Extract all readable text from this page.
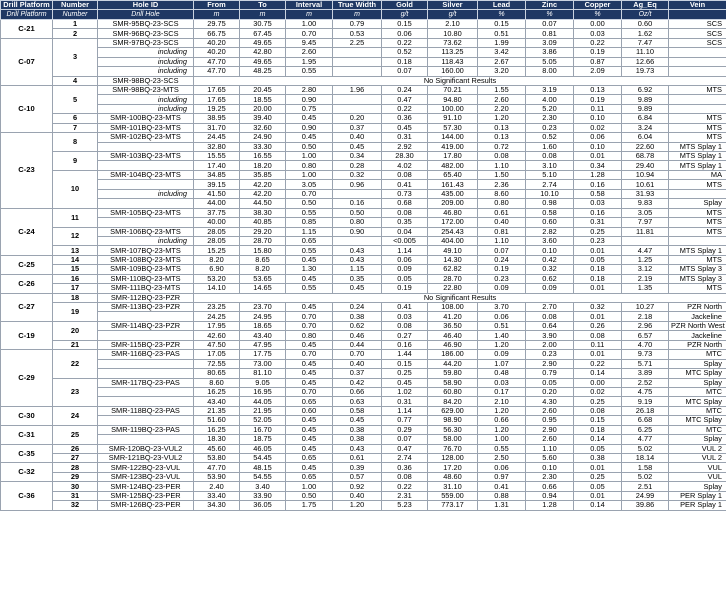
Drill Platform	Number	Hole ID	From	To	Interval	True Width	Gold	Silver	Lead	Zinc	Copper	Ag_Eq	Vein
Drill Platform	Number	Drill Hole	m	m	m	m	g/t	g/t	%	%	%	Oz/t	
C-21	1	SMR-95BQ-23-SCS	29.75	30.75	1.00	0.79	0.15	2.10	0.15	0.07	0.00	0.60	SCS
	2	SMR-96BQ-23-SCS	66.75	67.45	0.70	0.53	0.06	10.80	0.51	0.81	0.03	1.62	SCS
C-07	3	SMR-97BQ-23-SCS	40.20	49.65	9.45	2.25	0.22	73.62	1.99	3.09	0.22	7.47	SCS
		including	40.20	42.80	2.60		0.52	113.25	3.42	3.86	0.19	11.10	
		including	47.70	49.65	1.95		0.18	118.43	2.67	5.05	0.87	12.66	
		including	47.70	48.25	0.55		0.07	160.00	3.20	8.00	2.09	19.73	
	4	SMR-98BQ-23-SCS	No Significant Results										
C-10	5	SMR-98BQ-23-MTS	17.65	20.45	2.80	1.96	0.24	70.21	1.55	3.19	0.13	6.92	MTS
		including	17.65	18.55	0.90		0.47	94.80	2.60	4.00	0.19	9.89	
		including	19.25	20.00	0.75		0.22	100.00	2.20	5.20	0.11	9.89	
	6	SMR-100BQ-23-MTS	38.95	39.40	0.45	0.20	0.36	91.10	1.20	2.30	0.10	6.84	MTS
	7	SMR-101BQ-23-MTS	31.70	32.60	0.90	0.37	0.45	57.30	0.13	0.23	0.02	3.24	MTS
C-23	8	SMR-102BQ-23-MTS	24.45	24.90	0.45	0.40	0.31	144.00	0.13	0.52	0.06	6.04	MTS
			32.80	33.30	0.50	0.45	2.92	419.00	0.72	1.60	0.10	22.60	MTS Splay 1
	9	SMR-103BQ-23-MTS	15.55	16.55	1.00	0.34	28.30	17.80	0.08	0.08	0.01	68.78	MTS Splay 1
			17.40	18.20	0.80	0.28	4.02	482.00	1.10	3.10	0.34	29.40	MTS Splay 1
	10	SMR-104BQ-23-MTS	34.85	35.85	1.00	0.32	0.08	65.40	1.50	5.10	1.28	10.94	MA
			39.15	42.20	3.05	0.96	0.41	161.43	2.36	2.74	0.16	10.61	MTS
		including	41.50	42.20	0.70		0.73	435.00	8.60	10.10	0.58	31.93	
			44.00	44.50	0.50	0.16	0.68	209.00	0.80	0.98	0.03	9.83	Splay
C-24	11	SMR-105BQ-23-MTS	37.75	38.30	0.55	0.50	0.08	46.80	0.61	0.58	0.16	3.05	MTS
			40.00	40.85	0.85	0.80	0.35	172.00	0.40	0.60	0.31	7.97	MTS
	12	SMR-106BQ-23-MTS	28.05	29.20	1.15	0.90	0.04	254.43	0.81	2.82	0.25	11.81	MTS
		including	28.05	28.70	0.65		<0.005	404.00	1.10	3.60	0.23		
	13	SMR-107BQ-23-MTS	15.25	15.80	0.55	0.43	1.14	49.10	0.07	0.10	0.01	4.47	MTS Splay 1
C-25	14	SMR-108BQ-23-MTS	8.20	8.65	0.45	0.43	0.06	14.30	0.24	0.42	0.05	1.25	MTS
	15	SMR-109BQ-23-MTS	6.90	8.20	1.30	1.15	0.09	62.82	0.19	0.32	0.18	3.12	MTS Splay 3
C-26	16	SMR-110BQ-23-MTS	53.20	53.65	0.45	0.35	0.05	28.70	0.23	0.62	0.18	2.19	MTS Splay 3
	17	SMR-111BQ-23-MTS	14.10	14.65	0.55	0.45	0.19	22.80	0.09	0.09	0.01	1.35	MTS
C-27	18	SMR-112BQ-23-PZR	No Significant Results										
	19	SMR-113BQ-23-PZR	23.25	23.70	0.45	0.24	0.41	108.00	3.70	2.70	0.32	10.27	PZR North
			24.25	24.95	0.70	0.38	0.03	41.20	0.06	0.08	0.01	2.18	Jackeline
C-19	20	SMR-114BQ-23-PZR	17.95	18.65	0.70	0.62	0.08	36.50	0.51	0.64	0.26	2.96	PZR North West
			42.60	43.40	0.80	0.46	0.27	46.40	1.40	3.90	0.08	6.57	Jackeline
	21	SMR-115BQ-23-PZR	47.50	47.95	0.45	0.44	0.16	46.90	1.20	2.00	0.11	4.70	PZR North
C-29	22	SMR-116BQ-23-PAS	17.05	17.75	0.70	0.70	1.44	186.00	0.09	0.23	0.01	9.73	MTC
			72.55	73.00	0.45	0.40	0.15	44.20	1.07	2.90	0.22	5.71	Splay
			80.65	81.10	0.45	0.37	0.25	59.80	0.48	0.79	0.14	3.89	MTC Splay
	23	SMR-117BQ-23-PAS	8.60	9.05	0.45	0.42	0.45	58.90	0.03	0.05	0.00	2.52	Splay
			16.25	16.95	0.70	0.66	1.02	60.80	0.17	0.20	0.02	4.75	MTC
			43.40	44.05	0.65	0.63	0.31	84.20	2.10	4.30	0.25	9.19	MTC Splay
C-30	24	SMR-118BQ-23-PAS	21.35	21.95	0.60	0.58	1.14	629.00	1.20	2.60	0.08	26.18	MTC
			51.60	52.05	0.45	0.45	0.77	98.90	0.66	0.95	0.15	6.68	MTC Splay
C-31	25	SMR-119BQ-23-PAS	16.25	16.70	0.45	0.38	0.29	56.30	1.20	2.90	0.18	6.25	MTC
			18.30	18.75	0.45	0.38	0.07	58.00	1.00	2.60	0.14	4.77	Splay
C-35	26	SMR-120BQ-23-VUL2	45.60	46.05	0.45	0.43	0.47	76.70	0.55	1.10	0.05	5.02	VUL 2
	27	SMR-121BQ-23-VUL2	53.80	54.45	0.65	0.61	2.74	128.00	2.50	5.60	0.38	18.14	VUL 2
C-32	28	SMR-122BQ-23-VUL	47.70	48.15	0.45	0.39	0.36	17.20	0.06	0.10	0.01	1.58	VUL
	29	SMR-123BQ-23-VUL	53.90	54.55	0.65	0.57	0.08	48.60	0.97	2.30	0.25	5.02	VUL
C-36	30	SMR-124BQ-23-PER	2.40	3.40	1.00	0.92	0.22	31.10	0.41	0.66	0.05	2.51	Splay
	31	SMR-125BQ-23-PER	33.40	33.90	0.50	0.40	2.31	559.00	0.88	0.94	0.01	24.99	PER Splay 1
	32	SMR-126BQ-23-PER	34.30	36.05	1.75	1.20	5.23	773.17	1.31	1.28	0.14	39.86	PER Splay 1
